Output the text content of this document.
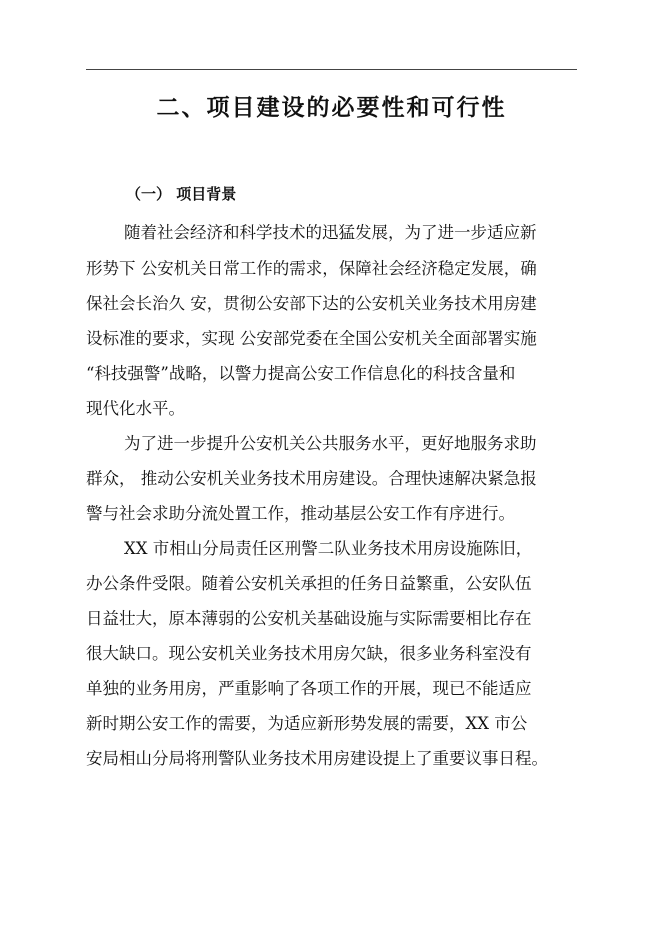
二、项目建设的必要性和可行性
（一） 项目背景

随着社会经济和科学技术的迅猛发展，为了进一步适应新

形势下 公安机关日常工作的需求，保障社会经济稳定发展，确

保社会长治久 安，贯彻公安部下达的公安机关业务技术用房建

设标准的要求，实现 公安部党委在全国公安机关全面部署实施

“科技强警”战略，以警力提高公安工作信息化的科技含量和

现代化水平。

为了进一步提升公安机关公共服务水平，更好地服务求助

群众， 推动公安机关业务技术用房建设。合理快速解决紧急报

警与社会求助分流处置工作，推动基层公安工作有序进行。

XX 市相山分局责任区刑警二队业务技术用房设施陈旧，

办公条件受限。随着公安机关承担的任务日益繁重，公安队伍

日益壮大，原本薄弱的公安机关基础设施与实际需要相比存在

很大缺口。现公安机关业务技术用房欠缺，很多业务科室没有

单独的业务用房，严重影响了各项工作的开展，现已不能适应

新时期公安工作的需要，为适应新形势发展的需要，XX 市公

安局相山分局将刑警队业务技术用房建设提上了重要议事日程。
